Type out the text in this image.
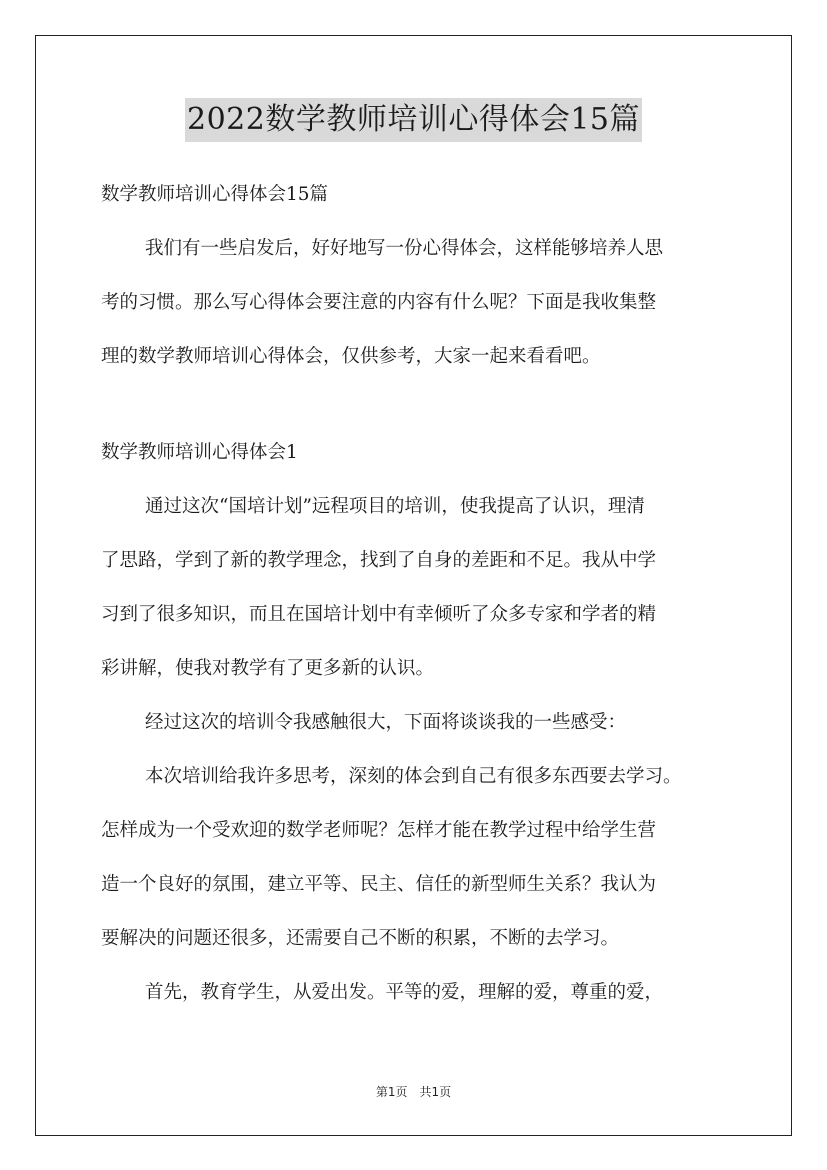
2022数学教师培训心得体会15篇
数学教师培训心得体会15篇
我们有一些启发后，好好地写一份心得体会，这样能够培养人思
考的习惯。那么写心得体会要注意的内容有什么呢？下面是我收集整
理的数学教师培训心得体会，仅供参考，大家一起来看看吧。
数学教师培训心得体会1
通过这次“国培计划”远程项目的培训，使我提高了认识，理清
了思路，学到了新的教学理念，找到了自身的差距和不足。我从中学
习到了很多知识，而且在国培计划中有幸倾听了众多专家和学者的精
彩讲解，使我对教学有了更多新的认识。
经过这次的培训令我感触很大，下面将谈谈我的一些感受：
本次培训给我许多思考，深刻的体会到自己有很多东西要去学习。
怎样成为一个受欢迎的数学老师呢？怎样才能在教学过程中给学生营
造一个良好的氛围，建立平等、民主、信任的新型师生关系？我认为
要解决的问题还很多，还需要自己不断的积累，不断的去学习。
首先，教育学生，从爱出发。平等的爱，理解的爱，尊重的爱，
第1页　共1页
